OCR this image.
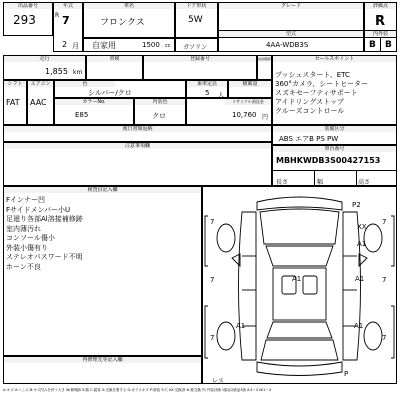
出品番号
293
年式
R 7
2 月
車名
フロンクス
ドア形状
5W
グレード	評価点
R
自家用	1500 cc ガソリン
型式
4AA-WDB3S
内外装
B B
走行
1,855 km
車検	登録番号	抹消期限等	セールスポイント
プッシュスタート、ETC
360°カメラ、シートヒーター
スズキセーフティサポート
アイドリングストップ
クルーズコントロール
シフト
FAT
エアコン
AAC
色
シルバー/クロ
乗車定員
5 人
積載量
カラーNo.
E85
内装色
クロ
リサイクル預託金
10,760 円
後日書類返納	装備区分
ABS エアB PS PW
注意事項欄	車台番号
MBHKWDB3S00427153
長さ	幅	高さ
検査員記入欄
Fインナー凹
Fサイドメンバー小U
足廻り各部Al溶接補修跡
室内薄汚れ
コンソール傷小
外装小傷有り
ステレオパスワード不明
ホーン不良
再修理先等記入欄
P2
XX
A1
A1	A1
A1	A1
P
7	7
7	7
7	7
レス
A:キズ U:へこみ B:キズ凹みを伴う大き W:修理跡 S:錆 C:腐食 X:交換を要する G:ガラスキズ P:塗装 Y:穴 XX:交換済 ※:要交換 内:外装評価 1級品2級品3級 A:1~4 W:1~4
